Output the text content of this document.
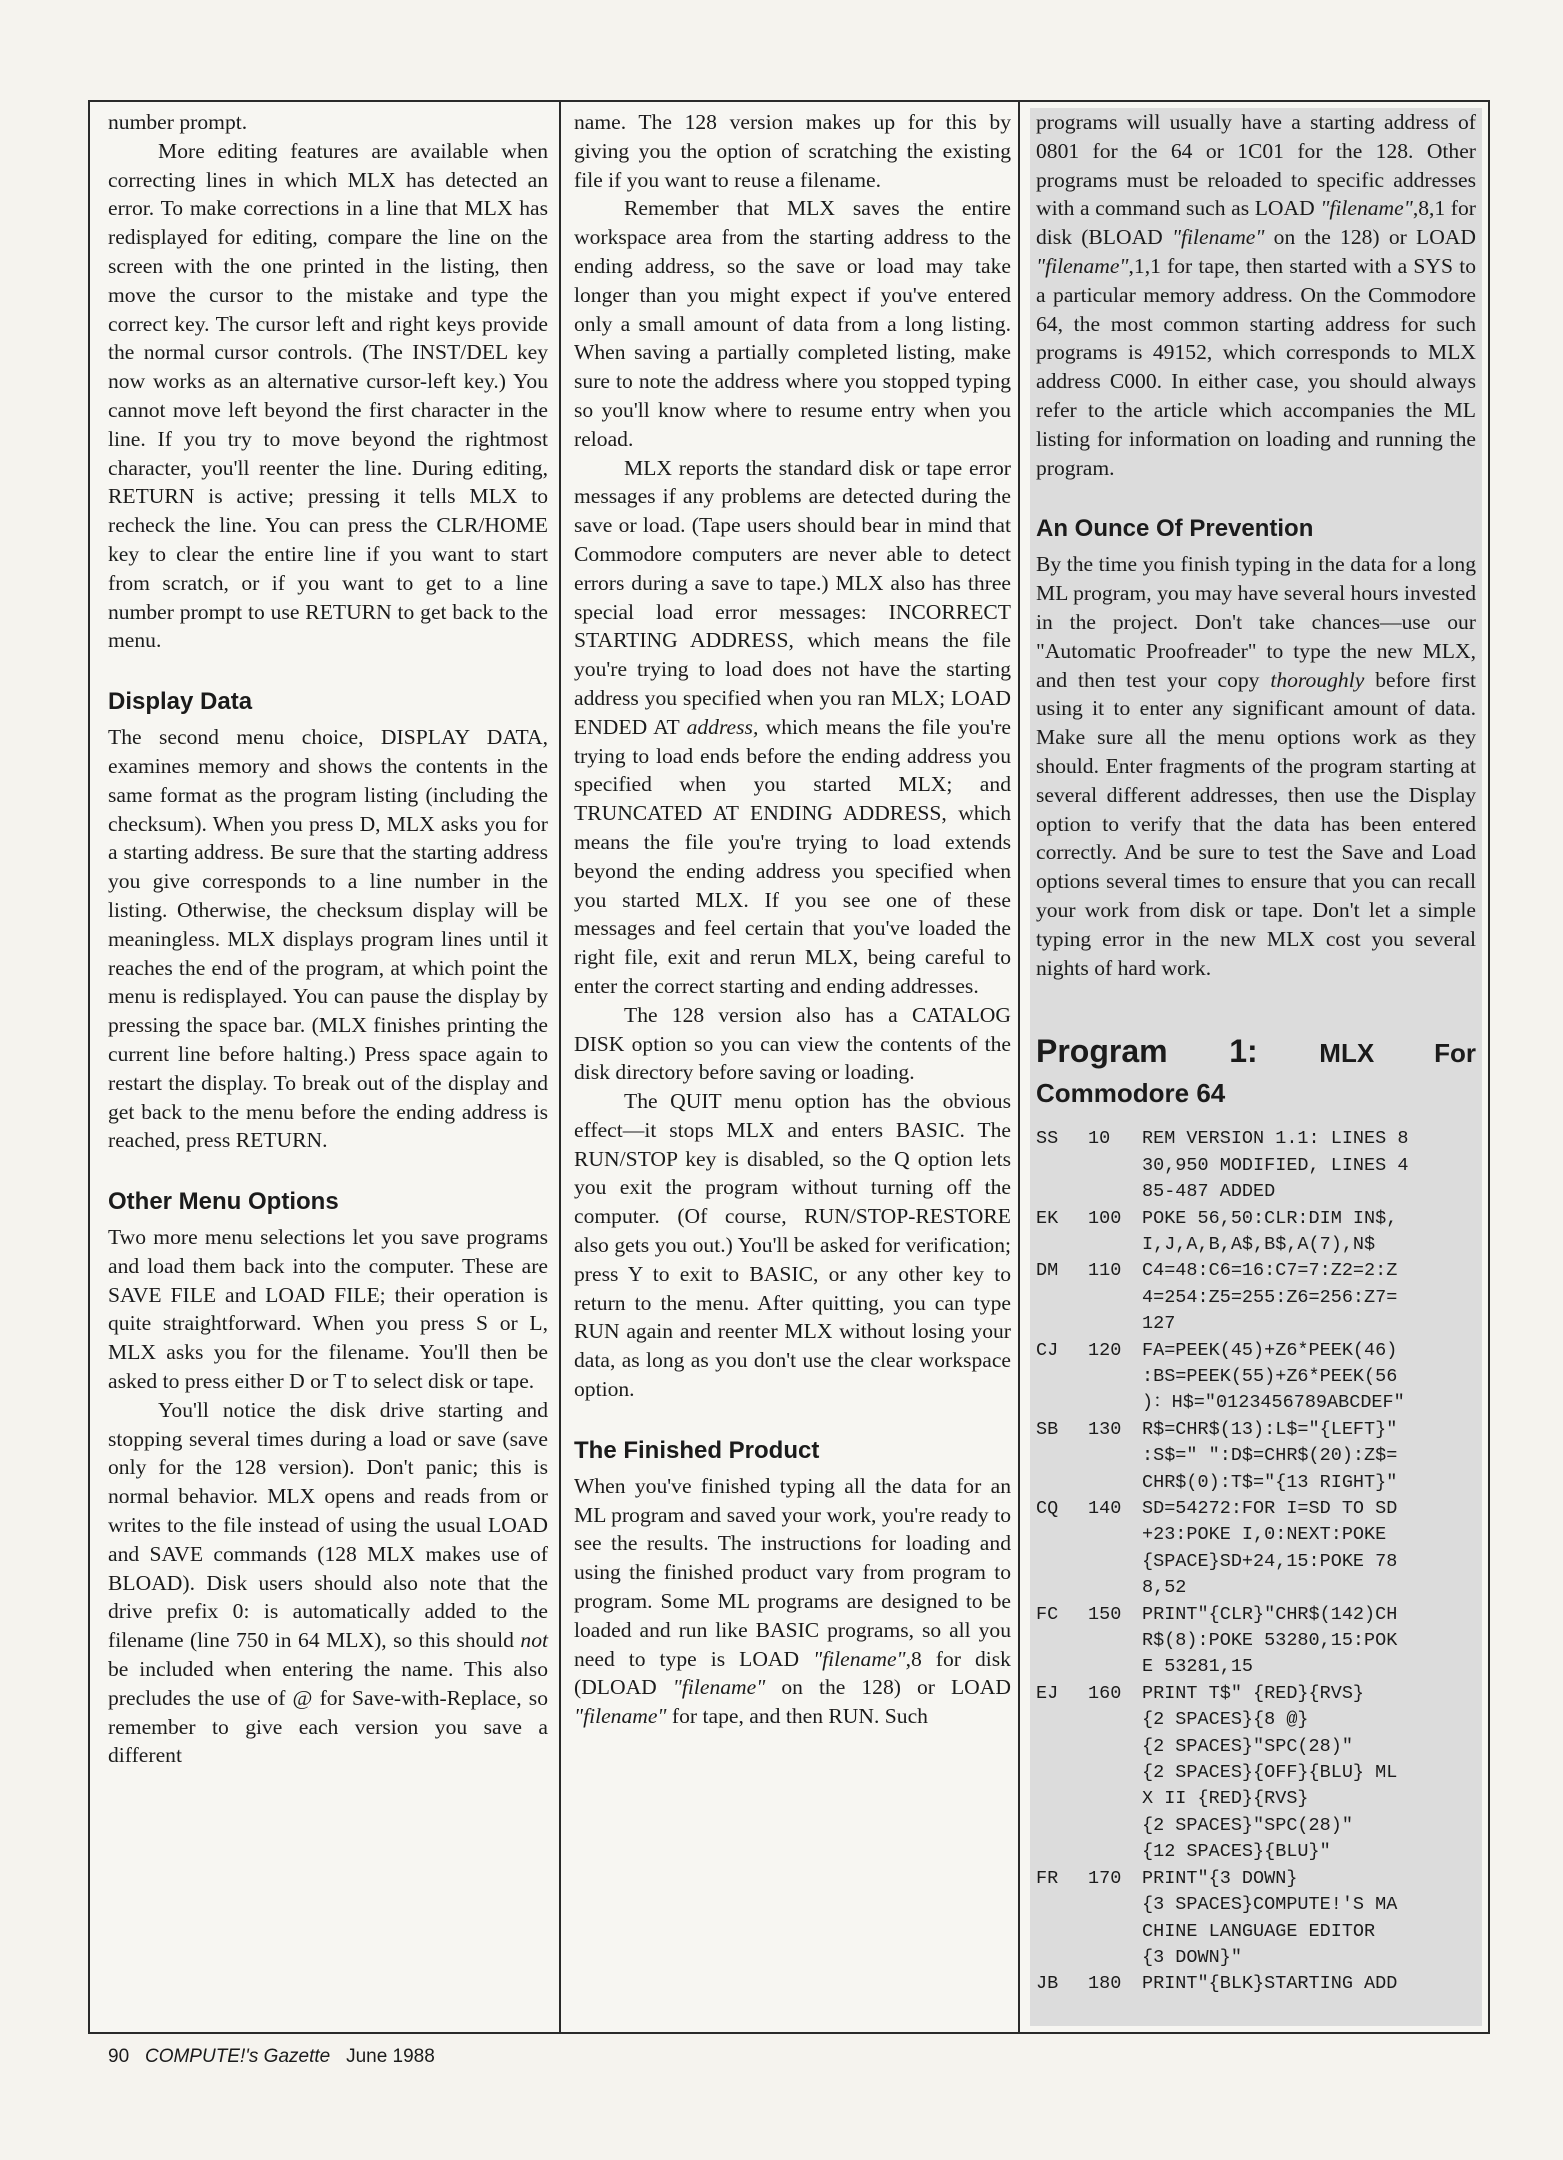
number prompt.

More editing features are available when correcting lines in which MLX has detected an error. To make corrections in a line that MLX has redisplayed for editing, compare the line on the screen with the one printed in the listing, then move the cursor to the mistake and type the correct key. The cursor left and right keys provide the normal cursor controls. (The INST/DEL key now works as an alternative cursor-left key.) You cannot move left beyond the first character in the line. If you try to move beyond the rightmost character, you'll reenter the line. During editing, RETURN is active; pressing it tells MLX to recheck the line. You can press the CLR/HOME key to clear the entire line if you want to start from scratch, or if you want to get to a line number prompt to use RETURN to get back to the menu.

Display Data

The second menu choice, DISPLAY DATA, examines memory and shows the contents in the same format as the program listing (including the checksum). When you press D, MLX asks you for a starting address. Be sure that the starting address you give corresponds to a line number in the listing. Otherwise, the checksum display will be meaningless. MLX displays program lines until it reaches the end of the program, at which point the menu is redisplayed. You can pause the display by pressing the space bar. (MLX finishes printing the current line before halting.) Press space again to restart the display. To break out of the display and get back to the menu before the ending address is reached, press RETURN.

Other Menu Options

Two more menu selections let you save programs and load them back into the computer. These are SAVE FILE and LOAD FILE; their operation is quite straightforward. When you press S or L, MLX asks you for the filename. You'll then be asked to press either D or T to select disk or tape.

You'll notice the disk drive starting and stopping several times during a load or save (save only for the 128 version). Don't panic; this is normal behavior. MLX opens and reads from or writes to the file instead of using the usual LOAD and SAVE commands (128 MLX makes use of BLOAD). Disk users should also note that the drive prefix 0: is automatically added to the filename (line 750 in 64 MLX), so this should not be included when entering the name. This also precludes the use of @ for Save-with-Replace, so remember to give each version you save a different

name. The 128 version makes up for this by giving you the option of scratching the existing file if you want to reuse a filename.

Remember that MLX saves the entire workspace area from the starting address to the ending address, so the save or load may take longer than you might expect if you've entered only a small amount of data from a long listing. When saving a partially completed listing, make sure to note the address where you stopped typing so you'll know where to resume entry when you reload.

MLX reports the standard disk or tape error messages if any problems are detected during the save or load. (Tape users should bear in mind that Commodore computers are never able to detect errors during a save to tape.) MLX also has three special load error messages: INCORRECT STARTING ADDRESS, which means the file you're trying to load does not have the starting address you specified when you ran MLX; LOAD ENDED AT address, which means the file you're trying to load ends before the ending address you specified when you started MLX; and TRUNCATED AT ENDING ADDRESS, which means the file you're trying to load extends beyond the ending address you specified when you started MLX. If you see one of these messages and feel certain that you've loaded the right file, exit and rerun MLX, being careful to enter the correct starting and ending addresses.

The 128 version also has a CATALOG DISK option so you can view the contents of the disk directory before saving or loading.

The QUIT menu option has the obvious effect—it stops MLX and enters BASIC. The RUN/STOP key is disabled, so the Q option lets you exit the program without turning off the computer. (Of course, RUN/STOP-RESTORE also gets you out.) You'll be asked for verification; press Y to exit to BASIC, or any other key to return to the menu. After quitting, you can type RUN again and reenter MLX without losing your data, as long as you don't use the clear workspace option.

The Finished Product

When you've finished typing all the data for an ML program and saved your work, you're ready to see the results. The instructions for loading and using the finished product vary from program to program. Some ML programs are designed to be loaded and run like BASIC programs, so all you need to type is LOAD "filename",8 for disk (DLOAD "filename" on the 128) or LOAD "filename" for tape, and then RUN. Such

programs will usually have a starting address of 0801 for the 64 or 1C01 for the 128. Other programs must be reloaded to specific addresses with a command such as LOAD "filename",8,1 for disk (BLOAD "filename" on the 128) or LOAD "filename",1,1 for tape, then started with a SYS to a particular memory address. On the Commodore 64, the most common starting address for such programs is 49152, which corresponds to MLX address C000. In either case, you should always refer to the article which accompanies the ML listing for information on loading and running the program.

An Ounce Of Prevention

By the time you finish typing in the data for a long ML program, you may have several hours invested in the project. Don't take chances—use our "Automatic Proofreader" to type the new MLX, and then test your copy thoroughly before first using it to enter any significant amount of data. Make sure all the menu options work as they should. Enter fragments of the program starting at several different addresses, then use the Display option to verify that the data has been entered correctly. And be sure to test the Save and Load options several times to ensure that you can recall your work from disk or tape. Don't let a simple typing error in the new MLX cost you several nights of hard work.

Program 1: MLX For Commodore 64
SS	10	REM VERSION 1.1: LINES 8
30,950 MODIFIED, LINES 4
85-487 ADDED
EK	100	POKE 56,50:CLR:DIM IN$,
I,J,A,B,A$,B$,A(7),N$
DM	110	C4=48:C6=16:C7=7:Z2=2:Z
4=254:Z5=255:Z6=256:Z7=
127
CJ	120	FA=PEEK(45)+Z6*PEEK(46)
:BS=PEEK(55)+Z6*PEEK(56
)：H$="0123456789ABCDEF"
SB	130	R$=CHR$(13):L$="{LEFT}"
:S$=" ":D$=CHR$(20):Z$=
CHR$(0):T$="{13 RIGHT}"
CQ	140	SD=54272:FOR I=SD TO SD
+23:POKE I,0:NEXT:POKE
{SPACE}SD+24,15:POKE 78
8,52
FC	150	PRINT"{CLR}"CHR$(142)CH
R$(8):POKE 53280,15:POK
E 53281,15
EJ	160	PRINT T$" {RED}{RVS}
{2 SPACES}{8 @}
{2 SPACES}"SPC(28)"
{2 SPACES}{OFF}{BLU} ML
X II {RED}{RVS}
{2 SPACES}"SPC(28)"
{12 SPACES}{BLU}"
FR	170	PRINT"{3 DOWN}
{3 SPACES}COMPUTE!'S MA
CHINE LANGUAGE EDITOR
{3 DOWN}"
JB	180	PRINT"{BLK}STARTING ADD
90 COMPUTE!'s Gazette June 1988
